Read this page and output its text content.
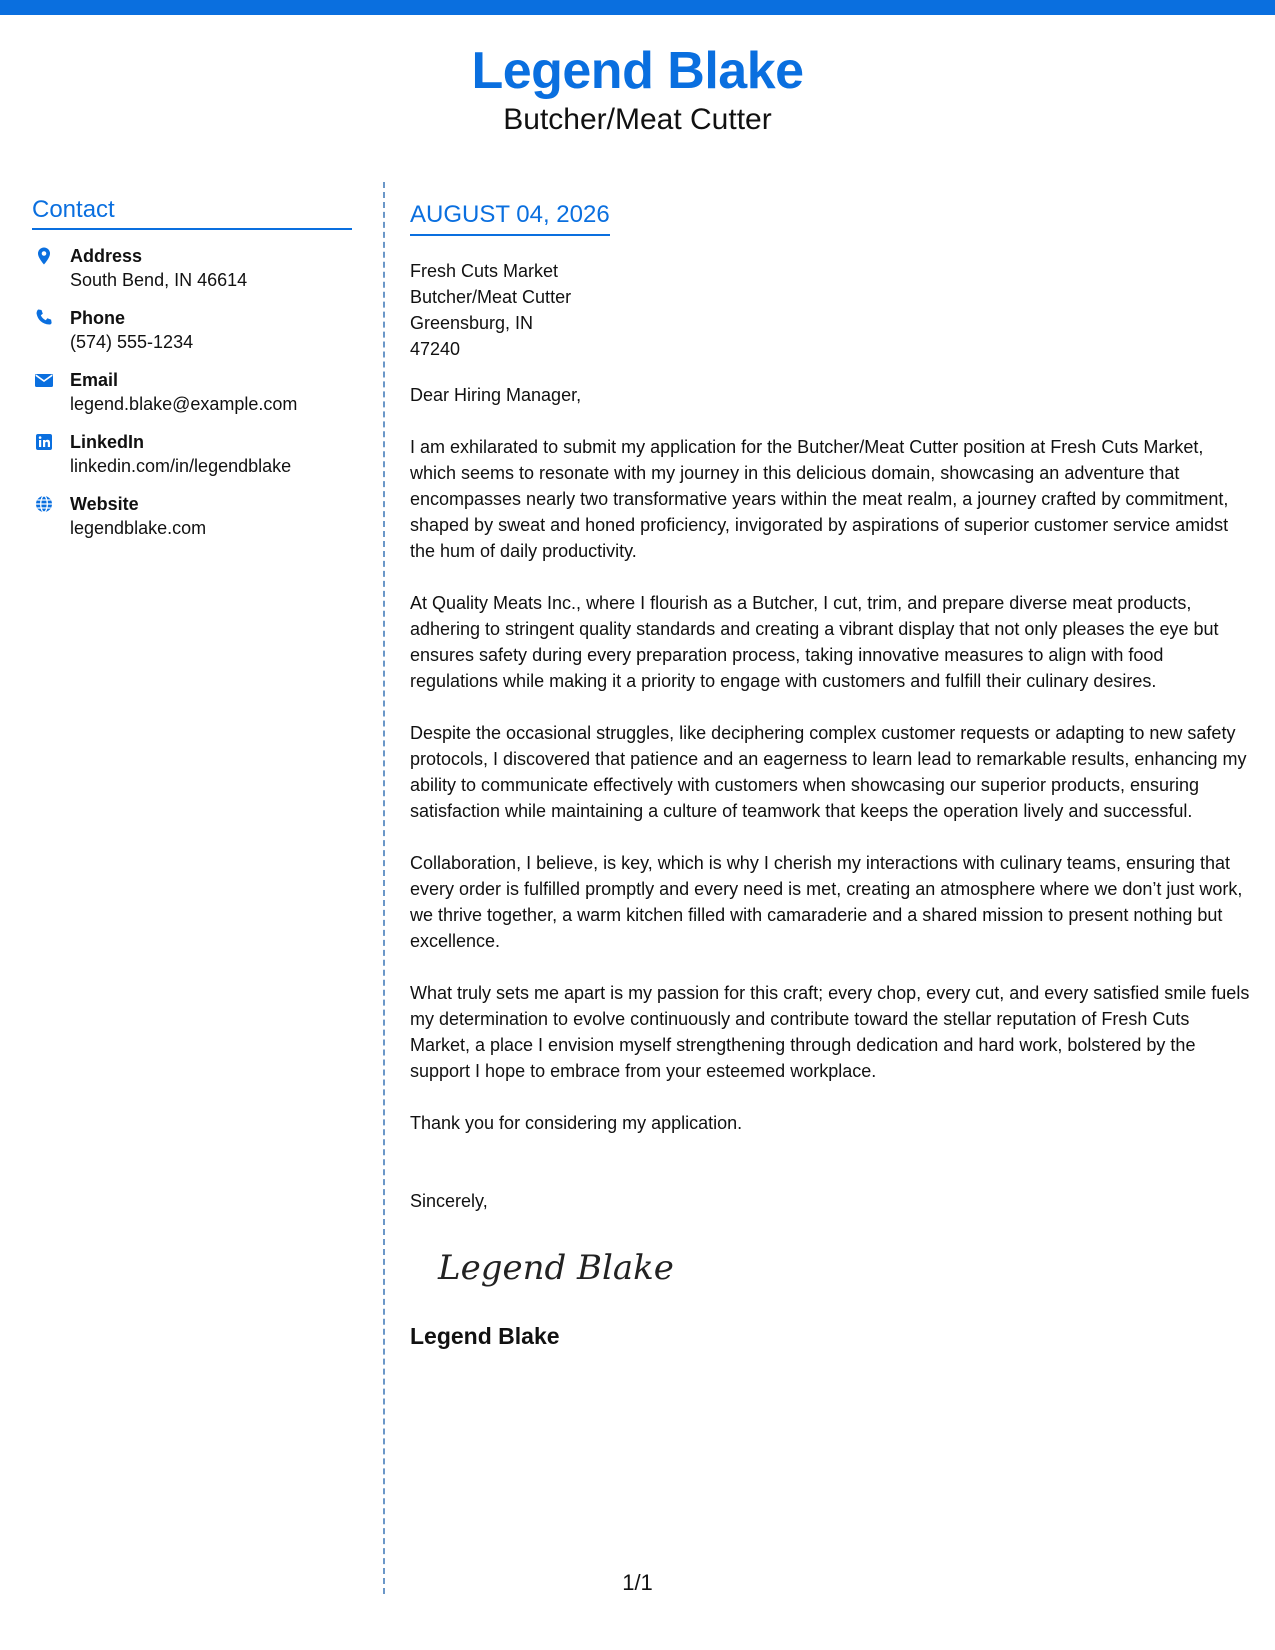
Legend Blake
Butcher/Meat Cutter
Contact
Address
South Bend, IN 46614
Phone
(574) 555-1234
Email
legend.blake@example.com
LinkedIn
linkedin.com/in/legendblake
Website
legendblake.com
AUGUST 04, 2026
Fresh Cuts Market
Butcher/Meat Cutter
Greensburg, IN
47240
Dear Hiring Manager,
I am exhilarated to submit my application for the Butcher/Meat Cutter position at Fresh Cuts Market, which seems to resonate with my journey in this delicious domain, showcasing an adventure that encompasses nearly two transformative years within the meat realm, a journey crafted by commitment, shaped by sweat and honed proficiency, invigorated by aspirations of superior customer service amidst the hum of daily productivity.
At Quality Meats Inc., where I flourish as a Butcher, I cut, trim, and prepare diverse meat products, adhering to stringent quality standards and creating a vibrant display that not only pleases the eye but ensures safety during every preparation process, taking innovative measures to align with food regulations while making it a priority to engage with customers and fulfill their culinary desires.
Despite the occasional struggles, like deciphering complex customer requests or adapting to new safety protocols, I discovered that patience and an eagerness to learn lead to remarkable results, enhancing my ability to communicate effectively with customers when showcasing our superior products, ensuring satisfaction while maintaining a culture of teamwork that keeps the operation lively and successful.
Collaboration, I believe, is key, which is why I cherish my interactions with culinary teams, ensuring that every order is fulfilled promptly and every need is met, creating an atmosphere where we don’t just work, we thrive together, a warm kitchen filled with camaraderie and a shared mission to present nothing but excellence.
What truly sets me apart is my passion for this craft; every chop, every cut, and every satisfied smile fuels my determination to evolve continuously and contribute toward the stellar reputation of Fresh Cuts Market, a place I envision myself strengthening through dedication and hard work, bolstered by the support I hope to embrace from your esteemed workplace.
Thank you for considering my application.
Sincerely,
Legend Blake
Legend Blake
1/1
